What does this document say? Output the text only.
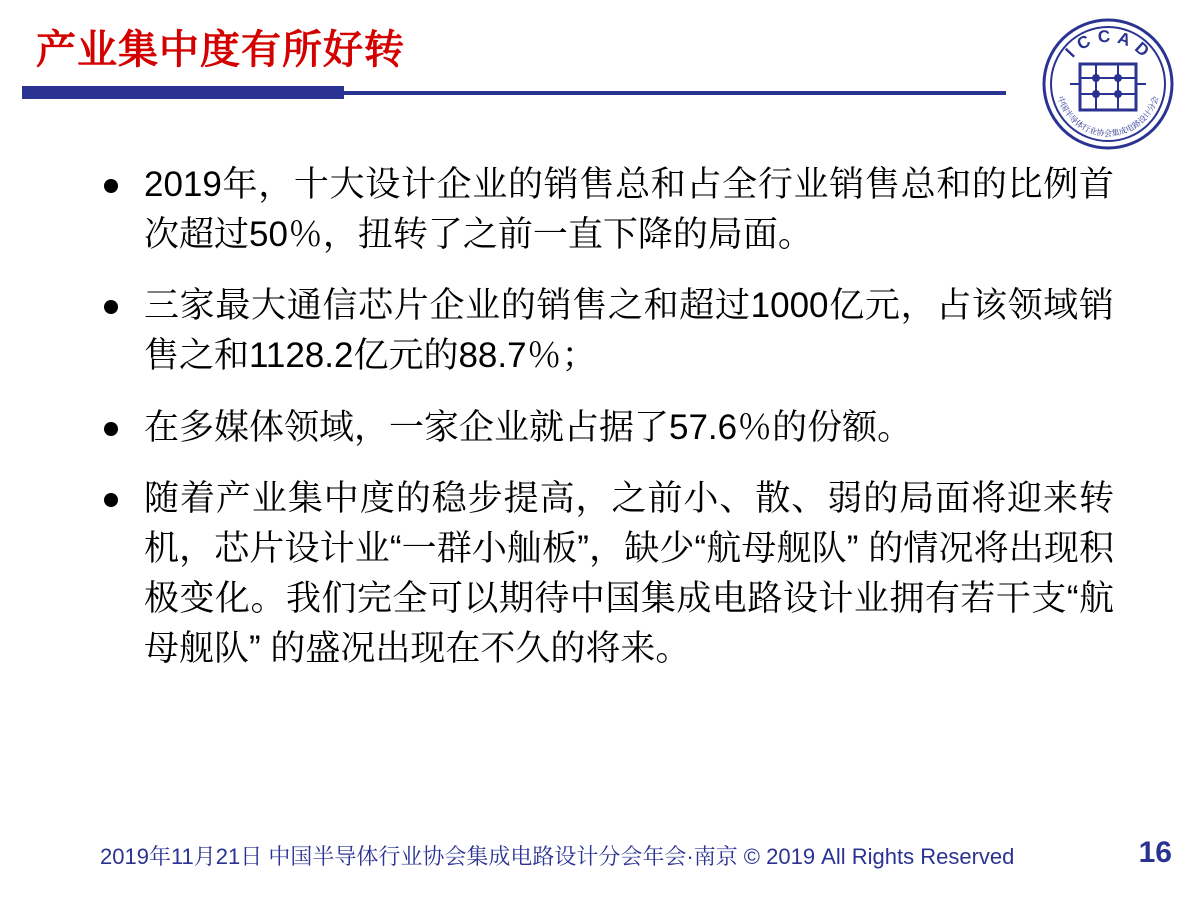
产业集中度有所好转	I C C A D
中国半导体行业协会集成电路设计分会
2019年，十大设计企业的销售总和占全行业销售总和的比例首次超过50％，扭转了之前一直下降的局面。
三家最大通信芯片企业的销售之和超过1000亿元，占该领域销售之和1128.2亿元的88.7％；
在多媒体领域，一家企业就占据了57.6％的份额。
随着产业集中度的稳步提高，之前小、散、弱的局面将迎来转机，芯片设计业“一群小舢板”，缺少“航母舰队” 的情况将出现积极变化。我们完全可以期待中国集成电路设计业拥有若干支“航母舰队” 的盛况出现在不久的将来。
2019年11月21日 中国半导体行业协会集成电路设计分会年会·南京 © 2019 All Rights Reserved	16
